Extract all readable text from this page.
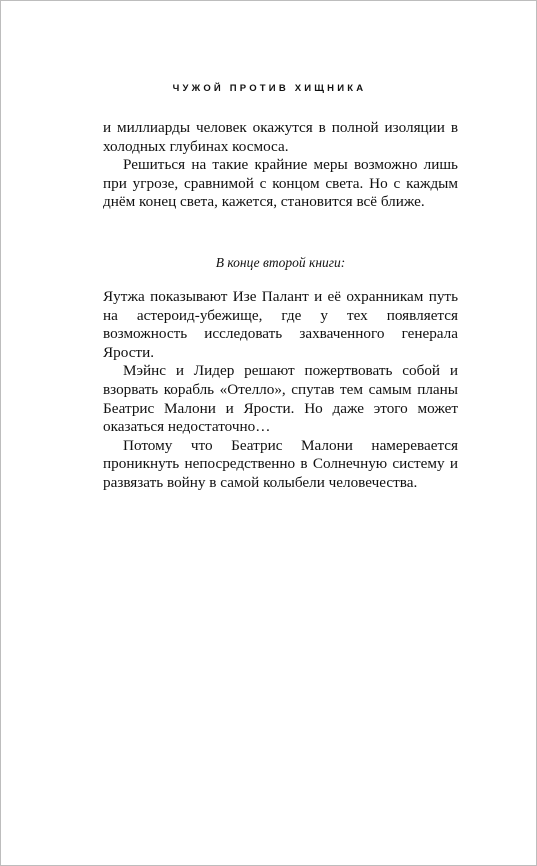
ЧУЖОЙ ПРОТИВ ХИЩНИКА

и миллиарды человек окажутся в полной изоляции в холодных глубинах космоса.

Решиться на такие крайние меры возможно лишь при угрозе, сравнимой с концом света. Но с каждым днём конец света, кажется, становится всё ближе.

В конце второй книги:

Яутжа показывают Изе Палант и её охранникам путь на астероид-убежище, где у тех появляется возможность исследовать захваченного генерала Ярости.

Мэйнс и Лидер решают пожертвовать собой и взорвать корабль «Отелло», спутав тем самым планы Беатрис Малони и Ярости. Но даже этого может оказаться недостаточно…

Потому что Беатрис Малони намеревается проникнуть непосредственно в Солнечную систему и развязать войну в самой колыбели человечества.
